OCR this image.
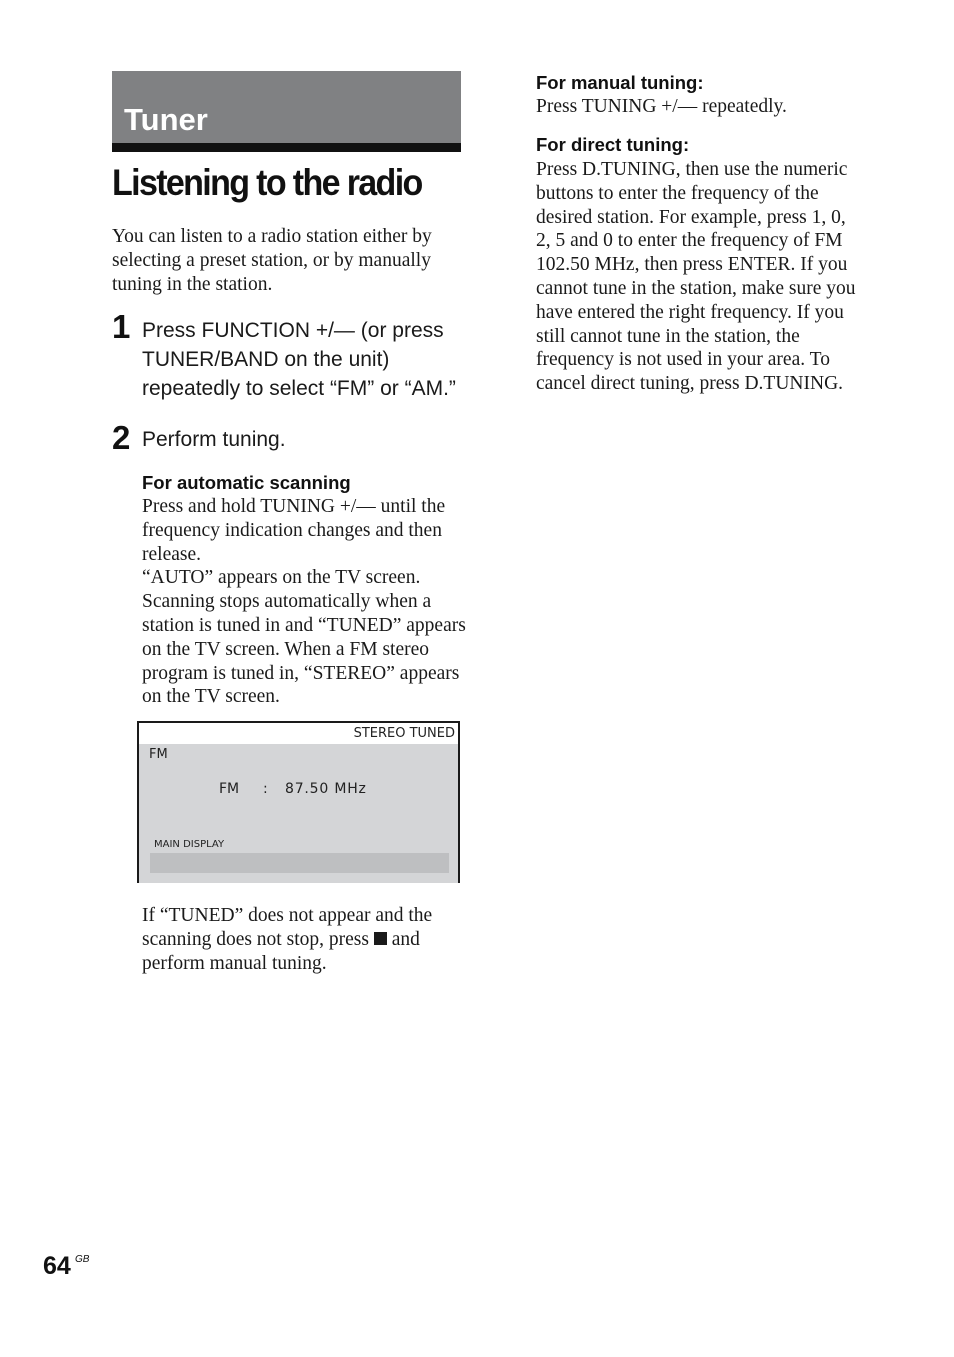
Tuner
Listening to the radio
You can listen to a radio station either by selecting a preset station, or by manually tuning in the station.
1 Press FUNCTION +/— (or press TUNER/BAND on the unit) repeatedly to select “FM” or “AM.”
2 Perform tuning.
For automatic scanning
Press and hold TUNING +/— until the frequency indication changes and then release.
“AUTO” appears on the TV screen. Scanning stops automatically when a station is tuned in and “TUNED” appears on the TV screen. When a FM stereo program is tuned in, “STEREO” appears on the TV screen.
STEREO TUNED
FM
FM : 87.50 MHz
MAIN DISPLAY
If “TUNED” does not appear and the scanning does not stop, press  and perform manual tuning.
For manual tuning:
Press TUNING +/— repeatedly.
For direct tuning:
Press D.TUNING, then use the numeric buttons to enter the frequency of the desired station. For example, press 1, 0, 2, 5 and 0 to enter the frequency of FM 102.50 MHz, then press ENTER. If you cannot tune in the station, make sure you have entered the right frequency. If you still cannot tune in the station, the frequency is not used in your area. To cancel direct tuning, press D.TUNING.
64 GB
